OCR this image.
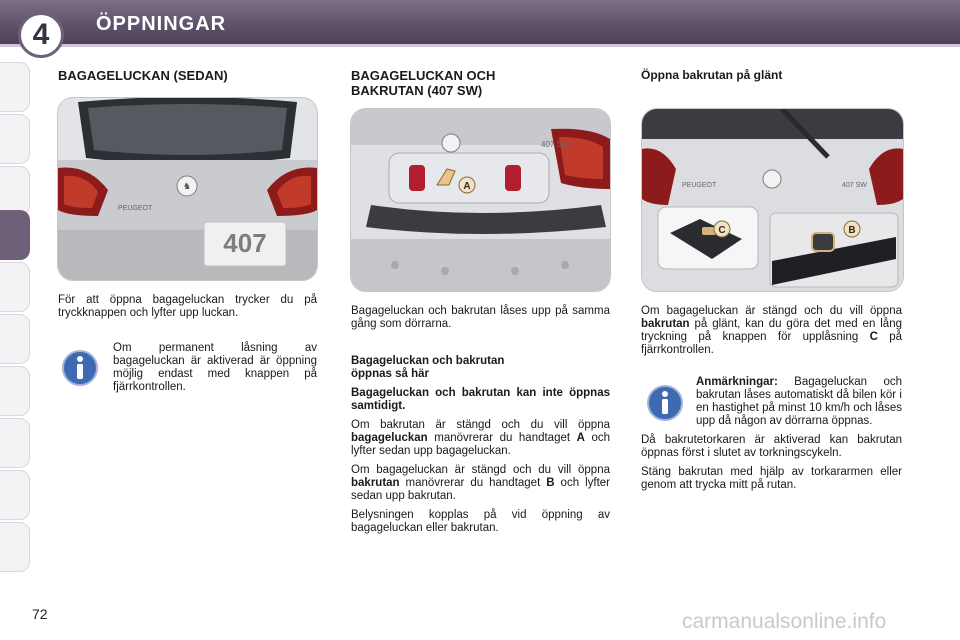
4 ÖPPNINGAR
BAGAGELUCKAN (SEDAN)
♞
PEUGEOT
407
För att öppna bagageluckan trycker du på tryckknappen och lyfter upp luckan.
Om permanent låsning av bagageluckan är aktiverad är öppning möjlig endast med knappen på fjärrkontrollen.
BAGAGELUCKAN OCH
BAKRUTAN (407 SW)
407 SW
A
Bagageluckan och bakrutan låses upp på samma gång som dörrarna.
Bagageluckan och bakrutan
öppnas så här

Bagageluckan och bakrutan kan inte öppnas samtidigt.

Om bakrutan är stängd och du vill öppna bagageluckan manövrerar du handtaget A och lyfter sedan upp bagageluckan.

Om bagageluckan är stängd och du vill öppna bakrutan manövrerar du handtaget B och lyfter sedan upp bakrutan.

Belysningen kopplas på vid öppning av bagageluckan eller bakrutan.

Öppna bakrutan på glänt
PEUGEOT	407 SW
C	B
Om bagageluckan är stängd och du vill öppna bakrutan på glänt, kan du göra det med en lång tryckning på knappen för upplåsning C på fjärrkontrollen.

Anmärkningar: Bagageluckan och bakrutan låses automatiskt då bilen kör i en hastighet på minst 10 km/h och låses upp då någon av dörrarna öppnas.

Då bakrutetorkaren är aktiverad kan bakrutan öppnas först i slutet av torkningscykeln.

Stäng bakrutan med hjälp av torkararmen eller genom att trycka mitt på rutan.

72	carmanualsonline.info
